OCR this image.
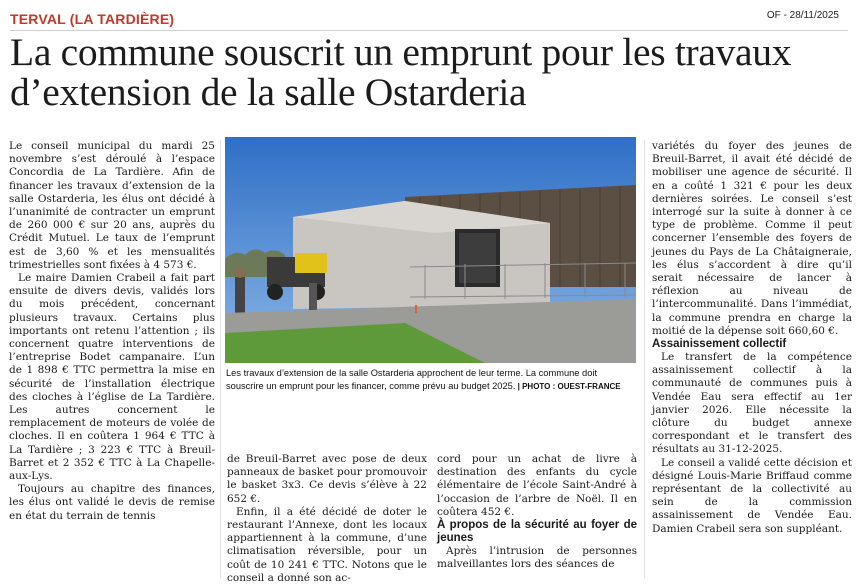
TERVAL (LA TARDIÈRE)	OF - 28/11/2025
La commune souscrit un emprunt pour les travaux d’extension de la salle Ostarderia

Le conseil municipal du mardi 25 novembre s’est déroulé à l’espace Concordia de La Tardière. Afin de financer les travaux d’extension de la salle Ostarderia, les élus ont décidé à l’unanimité de contracter un emprunt de 260 000 € sur 20 ans, auprès du Crédit Mutuel. Le taux de l’emprunt est de 3,60 % et les mensualités trimestrielles sont fixées à 4 573 €.

Le maire Damien Crabeil a fait part ensuite de divers devis, validés lors du mois précédent, concernant plusieurs travaux. Certains plus importants ont retenu l’attention ; ils concernent quatre interventions de l’entreprise Bodet campanaire. L’un de 1 898 € TTC permettra la mise en sécurité de l’installation électrique des cloches à l’église de La Tardière. Les autres concernent le remplacement de moteurs de volée de cloches. Il en coûtera 1 964 € TTC à La Tardière ; 3 223 € TTC à Breuil-Barret et 2 352 € TTC à La Chapelle-aux-Lys.

Toujours au chapitre des finances, les élus ont validé le devis de remise en état du terrain de tennis

Les travaux d’extension de la salle Ostarderia approchent de leur terme. La commune doit souscrire un emprunt pour les financer, comme prévu au budget 2025. | PHOTO : OUEST-FRANCE

de Breuil-Barret avec pose de deux panneaux de basket pour promouvoir le basket 3x3. Ce devis s’élève à 22 652 €.

Enfin, il a été décidé de doter le restaurant l’Annexe, dont les locaux appartiennent à la commune, d’une climatisation réversible, pour un coût de 10 241 € TTC. Notons que le conseil a donné son ac-

cord pour un achat de livre à destination des enfants du cycle élémentaire de l’école Saint-André à l’occasion de l’arbre de Noël. Il en coûtera 452 €.

À propos de la sécurité au foyer de jeunes

Après l’intrusion de personnes malveillantes lors des séances de

variétés du foyer des jeunes de Breuil-Barret, il avait été décidé de mobiliser une agence de sécurité. Il en a coûté 1 321 € pour les deux dernières soirées. Le conseil s’est interrogé sur la suite à donner à ce type de problème. Comme il peut concerner l’ensemble des foyers de jeunes du Pays de La Châtaigneraie, les élus s’accordent à dire qu’il serait nécessaire de lancer à réflexion au niveau de l’intercommunalité. Dans l’immédiat, la commune prendra en charge la moitié de la dépense soit 660,60 €.

Assainissement collectif

Le transfert de la compétence assainissement collectif à la communauté de communes puis à Vendée Eau sera effectif au 1er janvier 2026. Elle nécessite la clôture du budget annexe correspondant et le transfert des résultats au 31-12-2025.

Le conseil a validé cette décision et désigné Louis-Marie Briffaud comme représentant de la collectivité au sein de la commission assainissement de Vendée Eau. Damien Crabeil sera son suppléant.
